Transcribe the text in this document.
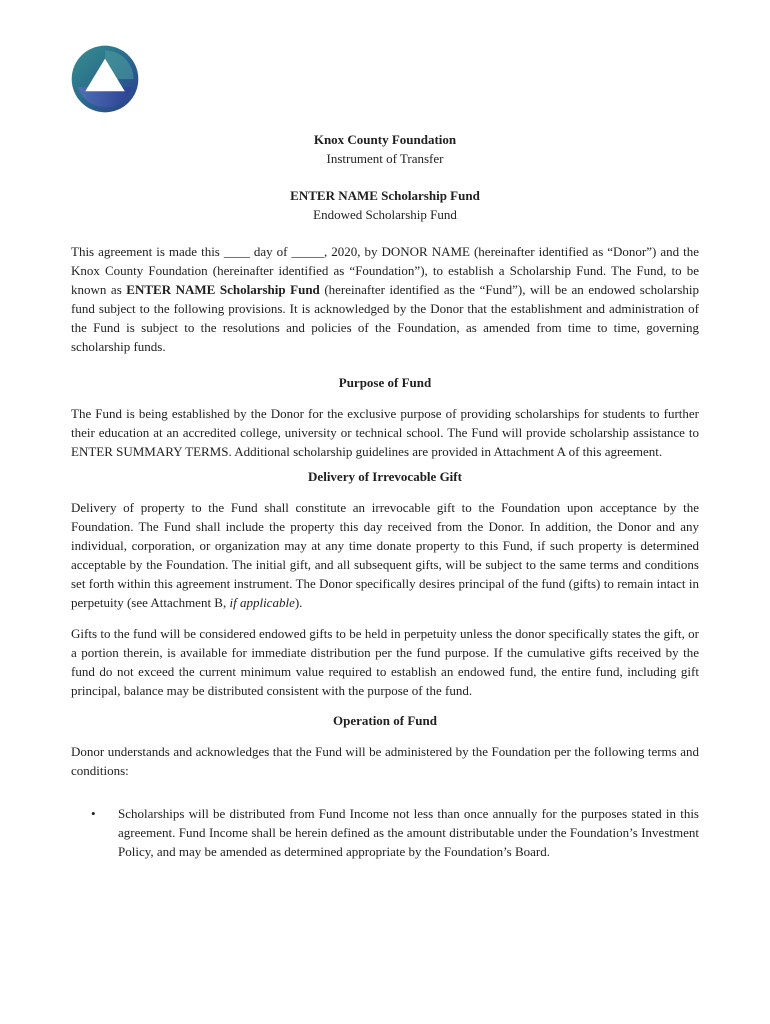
Knox County Foundation

Instrument of Transfer

ENTER NAME Scholarship Fund

Endowed Scholarship Fund

This agreement is made this ____ day of _____, 2020, by DONOR NAME (hereinafter identified as “Donor”) and the Knox County Foundation (hereinafter identified as “Foundation”), to establish a Scholarship Fund. The Fund, to be known as ENTER NAME Scholarship Fund (hereinafter identified as the “Fund”), will be an endowed scholarship fund subject to the following provisions. It is acknowledged by the Donor that the establishment and administration of the Fund is subject to the resolutions and policies of the Foundation, as amended from time to time, governing scholarship funds.

Purpose of Fund

The Fund is being established by the Donor for the exclusive purpose of providing scholarships for students to further their education at an accredited college, university or technical school. The Fund will provide scholarship assistance to ENTER SUMMARY TERMS. Additional scholarship guidelines are provided in Attachment A of this agreement.

Delivery of Irrevocable Gift

Delivery of property to the Fund shall constitute an irrevocable gift to the Foundation upon acceptance by the Foundation. The Fund shall include the property this day received from the Donor. In addition, the Donor and any individual, corporation, or organization may at any time donate property to this Fund, if such property is determined acceptable by the Foundation. The initial gift, and all subsequent gifts, will be subject to the same terms and conditions set forth within this agreement instrument. The Donor specifically desires principal of the fund (gifts) to remain intact in perpetuity (see Attachment B, if applicable).

Gifts to the fund will be considered endowed gifts to be held in perpetuity unless the donor specifically states the gift, or a portion therein, is available for immediate distribution per the fund purpose. If the cumulative gifts received by the fund do not exceed the current minimum value required to establish an endowed fund, the entire fund, including gift principal, balance may be distributed consistent with the purpose of the fund.

Operation of Fund

Donor understands and acknowledges that the Fund will be administered by the Foundation per the following terms and conditions:

• Scholarships will be distributed from Fund Income not less than once annually for the purposes stated in this agreement. Fund Income shall be herein defined as the amount distributable under the Foundation’s Investment Policy, and may be amended as determined appropriate by the Foundation’s Board.
